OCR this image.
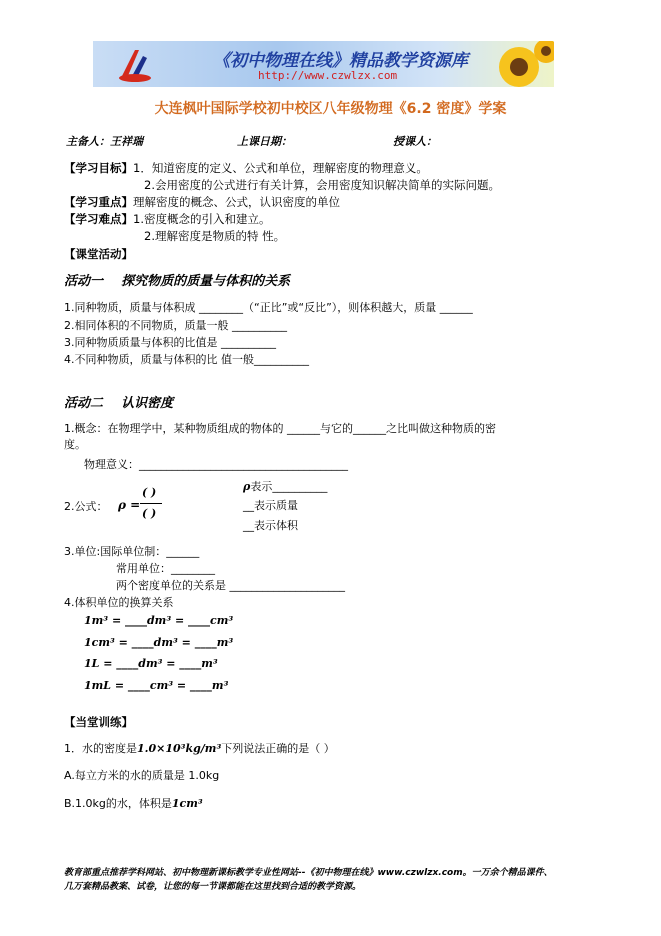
《初中物理在线》精品教学资源库
http://www.czwlzx.com
大连枫叶国际学校初中校区八年级物理《6.2 密度》学案
主备人：王祥瑞	上课日期：	授课人：
【学习目标】1．知道密度的定义、公式和单位，理解密度的物理意义。
2.会用密度的公式进行有关计算，会用密度知识解决简单的实际问题。
【学习重点】理解密度的概念、公式，认识密度的单位
【学习难点】1.密度概念的引入和建立。
2.理解密度是物质的特 性。
【课堂活动】
活动一    探究物质的质量与体积的关系
1.同种物质，质量与体积成 ________（“正比”或“反比”），则体积越大，质量 ______
2.相同体积的不同物质，质量一般 __________
3.同种物质质量与体积的比值是 __________
4.不同种物质，质量与体积的比 值一般__________
活动二    认识密度
1.概念：在物理学中，某种物质组成的物体的 ______与它的______之比叫做这种物质的密
度。
物理意义：______________________________________
2.公式： ρ =
( )
( )
ρ表示__________
__表示质量
__表示体积
3.单位:国际单位制：______
常用单位：________
两个密度单位的关系是 _____________________
4.体积单位的换算关系
1m³ = ____dm³ = ____cm³
1cm³ = ____dm³ = ____m³
1L = ____dm³ = ____m³
1mL = ____cm³ = ____m³
【当堂训练】
1．水的密度是1.0×10³kg/m³下列说法正确的是（ ）
A.每立方米的水的质量是 1.0kg
B.1.0kg的水，体积是1cm³
教育部重点推荐学科网站、初中物理新课标教学专业性网站--《初中物理在线》www.czwlzx.com。一万余个精品课件、
几万套精品教案、试卷，让您的每一节课都能在这里找到合适的教学资源。
